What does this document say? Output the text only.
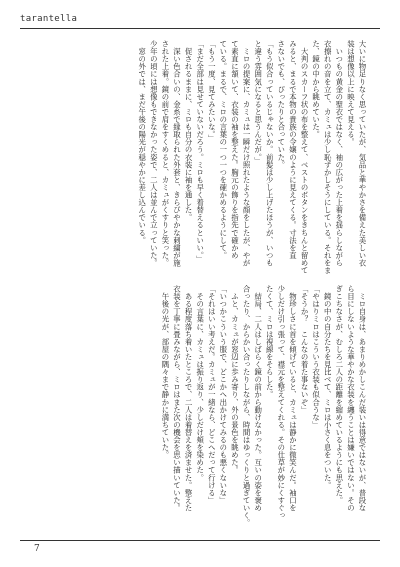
tarantella
大いに物足りなく思っていたが、気品と華やかさを備えた美しい衣
装は想像以上に映えて見える。
　いつもの黄金の聖衣ではなく、袖の広がった上着を揺らしながら
衣擦れの音を立て、カミュは少し恥ずかしそうにしている。それをま
た、鏡の中から眺めていた。
　大判のスカーフ状の布を整えて、ベストのボタンをきちんと留めて
みると、まるで本物の貴族の令嬢のように見えてくる。寸法を直
さないでも、ぴったりと合っていた。
「もう似合っているじゃないか。前髪は少し上げたほうが、いつも
と違う雰囲気になると思うんだが。」
　ミロの提案に、カミュは一瞬だけ照れたような顔をしたが、やが
て素直に頷いて、衣装の袖を整えた。胸元の飾りを指先で確かめ
ている。まるで、ミロの言葉の一つ一つを確かめるようにして。
「もう一度、見てみたいな。」
「まだ全部は見せていないだろう。ミロも早く着替えるといい。」
　促されるままに、ミロも自分の衣装に袖を通した。
　深い色合いの、金糸で縁取られた外套と、きらびやかな刺繍が施
された上着。鏡の前で肩をすくめると、カミュがくすりと笑った。
少年の頃には想像もできなかった姿で、二人は並んで立っていた。
　窓の外では、まだ午後の陽光が穏やかに差し込んでいる。
　ミロ自身は、あまりめかしこんだ装いは得意ではないが、普段な
ら目にしないような華やかな衣装を纏うことは嫌いではない。その
ぎこちなさが、むしろ二人の距離を縮めているようにも思えた。
　鏡の中の自分たちを見比べて、ミロは小さく息をついた。
「やはりミロはこういう衣装も似合うな」
「そうか？　こんなの着た事ないぞ」
　物珍しさに首を傾げていると、カミュは静かに微笑んだ。袖口を
少しだけ引っ張って、襟元を整えてくれる。その仕草が妙にくすぐっ
たくて、ミロは視線をそらした。
　結局、二人はしばらく鏡の前から動けなかった。互いの姿を褒め
合ったり、からかい合ったりしながら、時間はゆっくりと過ぎていく。
　ふと、カミュが窓辺に歩み寄り、外の景色を眺めた。
「いつかこういう服で、どこかへ出かけてみるのも悪くないな」
「それはいい考えだ。カミュが一緒なら、どこへだって行ける」
　その言葉に、カミュは振り返り、少しだけ頬を染めた。
　ある程度落ち着いたところで、二人は着替えを済ませた。整えた
衣装を丁寧に畳みながら、ミロはまた次の機会を思い描いていた。
　午後の光が、部屋の隅々まで静かに満ちていた。
7
